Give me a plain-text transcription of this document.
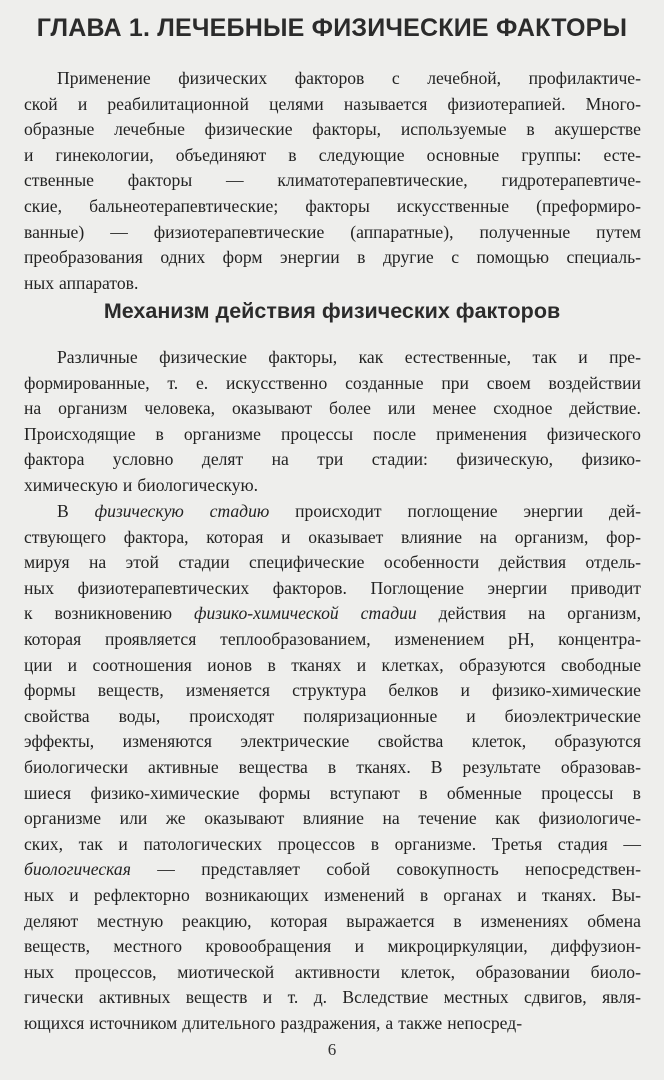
ГЛАВА 1. ЛЕЧЕБНЫЕ ФИЗИЧЕСКИЕ ФАКТОРЫ
Применение физических факторов с лечебной, профилактиче-
ской и реабилитационной целями называется физиотерапией. Много-
образные лечебные физические факторы, используемые в акушерстве
и гинекологии, объединяют в следующие основные группы: есте-
ственные факторы — климатотерапевтические, гидротерапевтиче-
ские, бальнеотерапевтические; факторы искусственные (преформиро-
ванные) — физиотерапевтические (аппаратные), полученные путем
преобразования одних форм энергии в другие с помощью специаль-
ных аппаратов.
Механизм действия физических факторов
Различные физические факторы, как естественные, так и пре-
формированные, т. е. искусственно созданные при своем воздействии
на организм человека, оказывают более или менее сходное действие.
Происходящие в организме процессы после применения физического
фактора условно делят на три стадии: физическую, физико-
химическую и биологическую.
В физическую стадию происходит поглощение энергии дей-
ствующего фактора, которая и оказывает влияние на организм, фор-
мируя на этой стадии специфические особенности действия отдель-
ных физиотерапевтических факторов. Поглощение энергии приводит
к возникновению физико-химической стадии действия на организм,
которая проявляется теплообразованием, изменением рН, концентра-
ции и соотношения ионов в тканях и клетках, образуются свободные
формы веществ, изменяется структура белков и физико-химические
свойства воды, происходят поляризационные и биоэлектрические
эффекты, изменяются электрические свойства клеток, образуются
биологически активные вещества в тканях. В результате образовав-
шиеся физико-химические формы вступают в обменные процессы в
организме или же оказывают влияние на течение как физиологиче-
ских, так и патологических процессов в организме. Третья стадия —
биологическая — представляет собой совокупность непосредствен-
ных и рефлекторно возникающих изменений в органах и тканях. Вы-
деляют местную реакцию, которая выражается в изменениях обмена
веществ, местного кровообращения и микроциркуляции, диффузион-
ных процессов, миотической активности клеток, образовании биоло-
гически активных веществ и т. д. Вследствие местных сдвигов, явля-
ющихся источником длительного раздражения, а также непосред-
6
